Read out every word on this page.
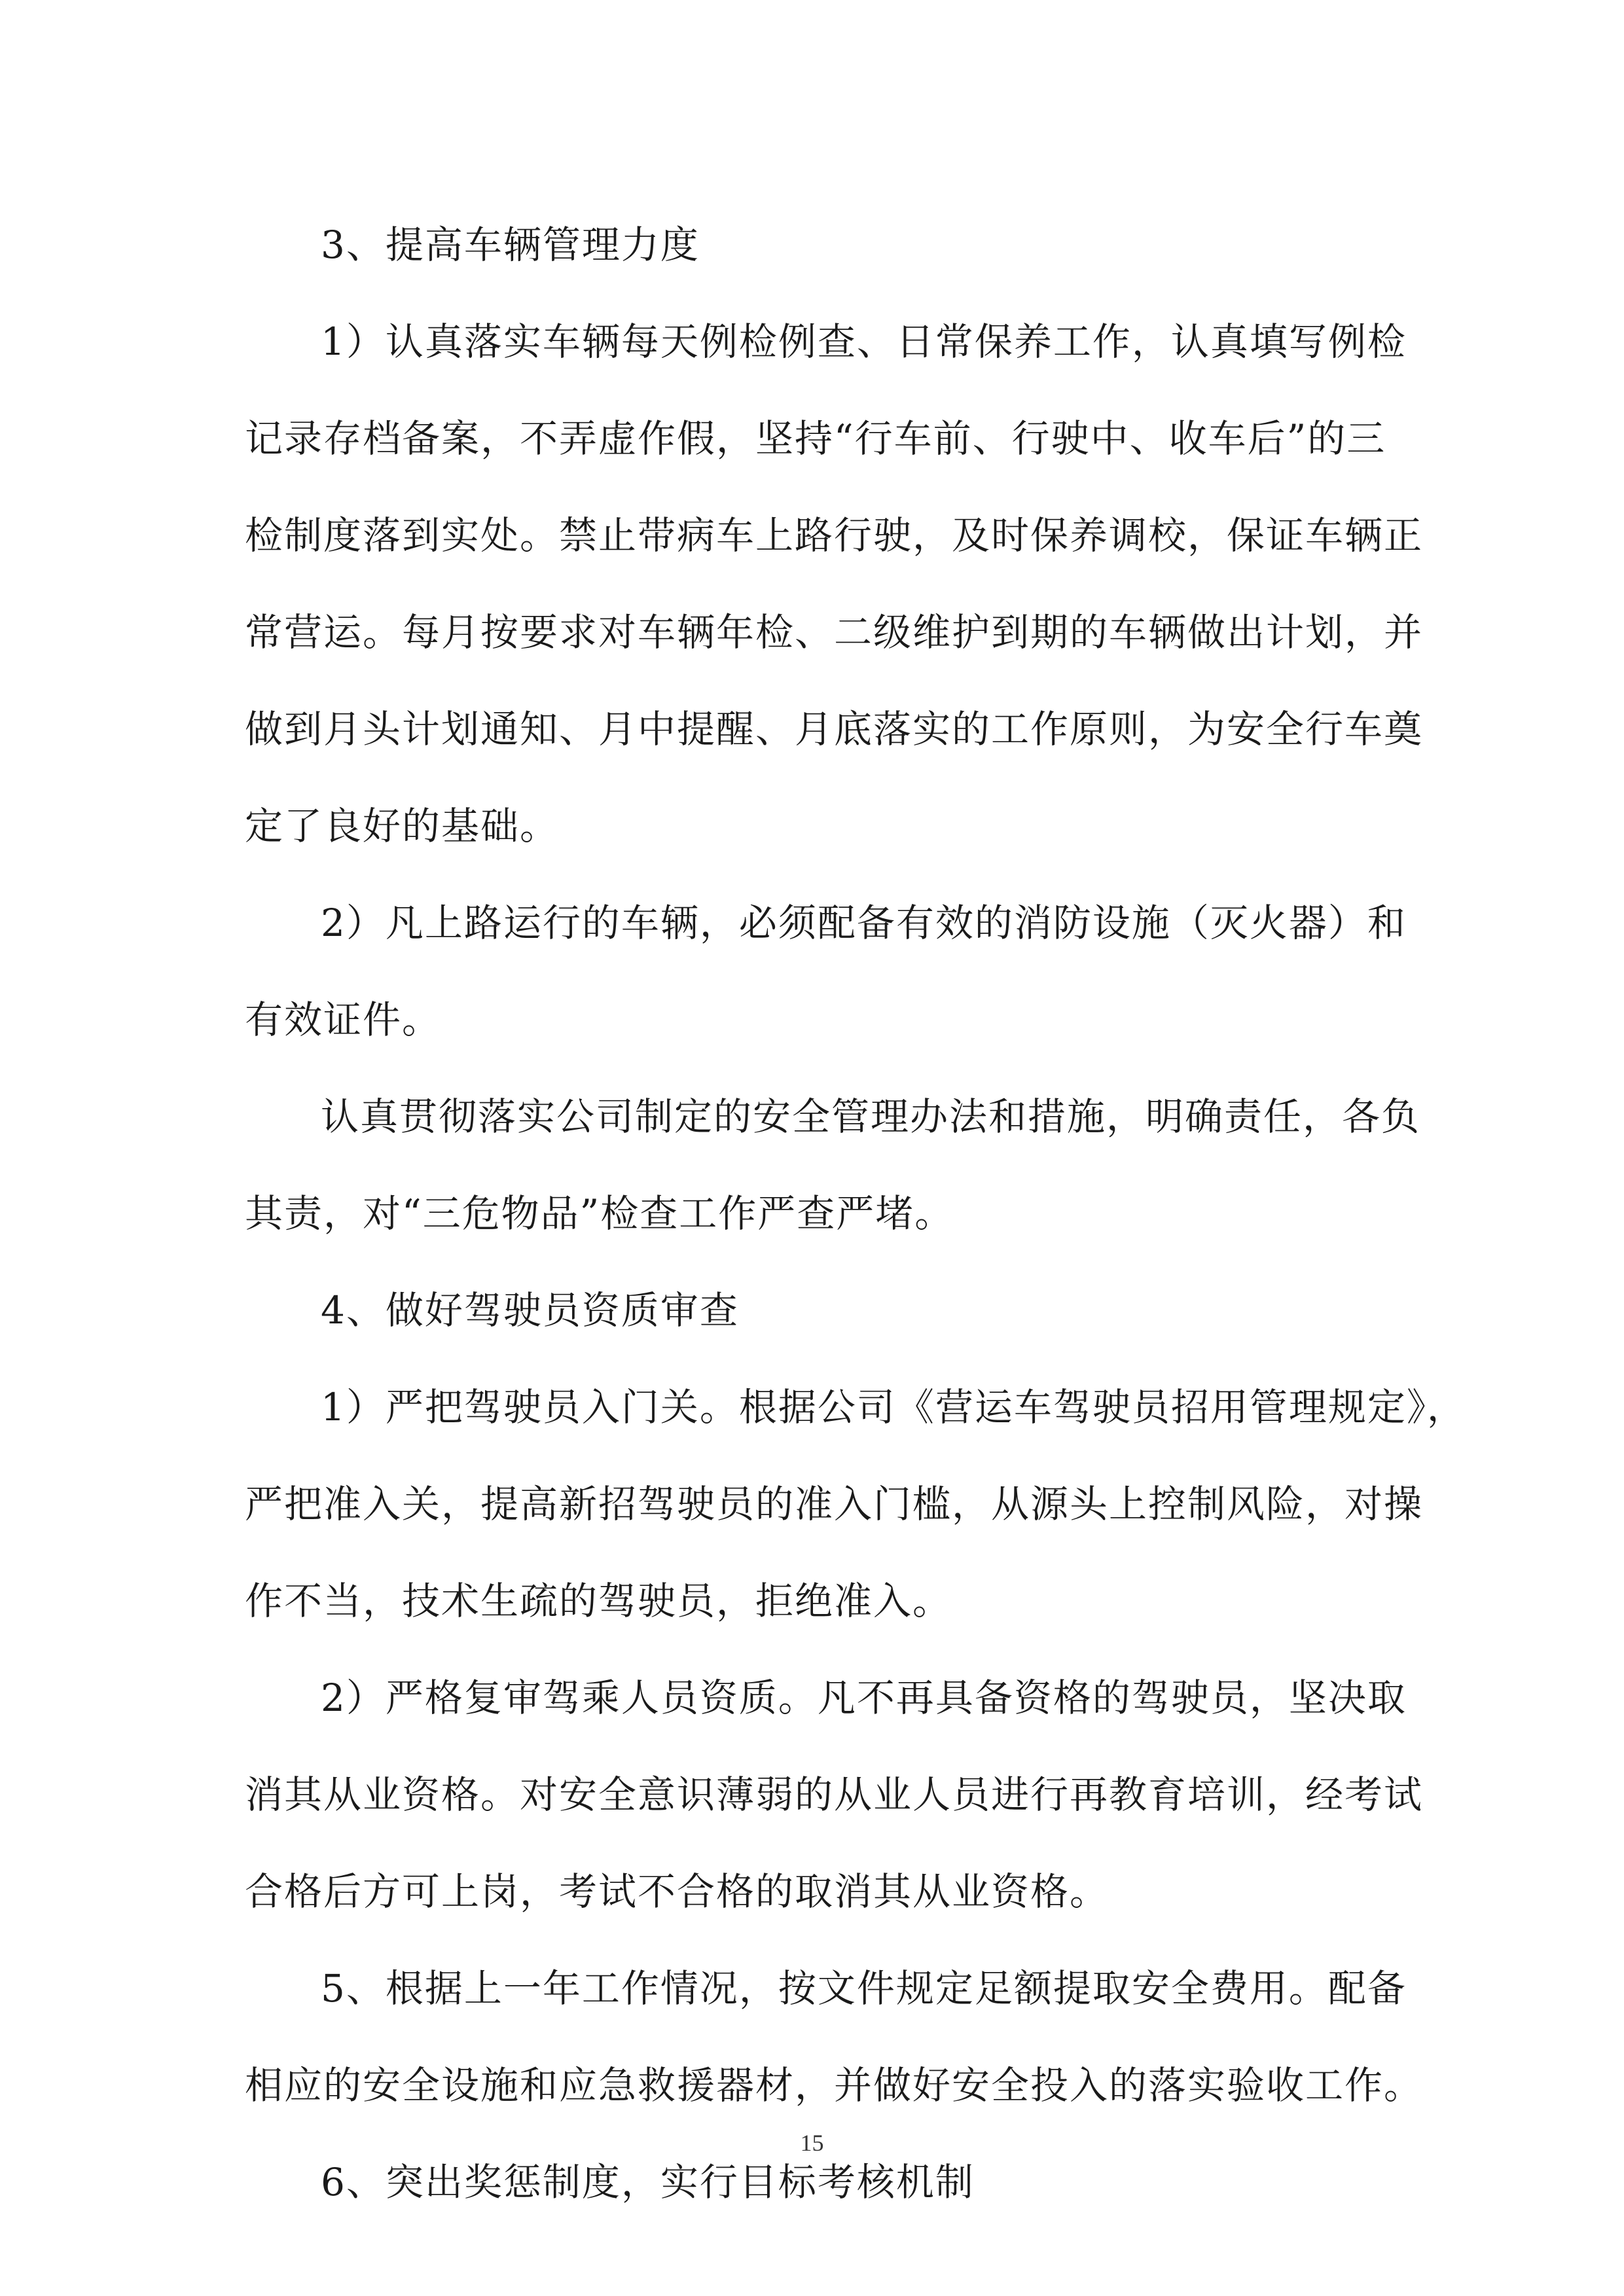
3、提高车辆管理力度
1）认真落实车辆每天例检例查、日常保养工作，认真填写例检
记录存档备案，不弄虚作假，坚持“行车前、行驶中、收车后”的三
检制度落到实处。禁止带病车上路行驶，及时保养调校，保证车辆正
常营运。每月按要求对车辆年检、二级维护到期的车辆做出计划，并
做到月头计划通知、月中提醒、月底落实的工作原则，为安全行车奠
定了良好的基础。
2）凡上路运行的车辆，必须配备有效的消防设施（灭火器）和
有效证件。
认真贯彻落实公司制定的安全管理办法和措施，明确责任，各负
其责，对“三危物品”检查工作严查严堵。
4、做好驾驶员资质审查
1）严把驾驶员入门关。根据公司《营运车驾驶员招用管理规定》，
严把准入关，提高新招驾驶员的准入门槛，从源头上控制风险，对操
作不当，技术生疏的驾驶员，拒绝准入。
2）严格复审驾乘人员资质。凡不再具备资格的驾驶员，坚决取
消其从业资格。对安全意识薄弱的从业人员进行再教育培训，经考试
合格后方可上岗，考试不合格的取消其从业资格。
5、根据上一年工作情况，按文件规定足额提取安全费用。配备
相应的安全设施和应急救援器材，并做好安全投入的落实验收工作。
6、突出奖惩制度，实行目标考核机制
15
